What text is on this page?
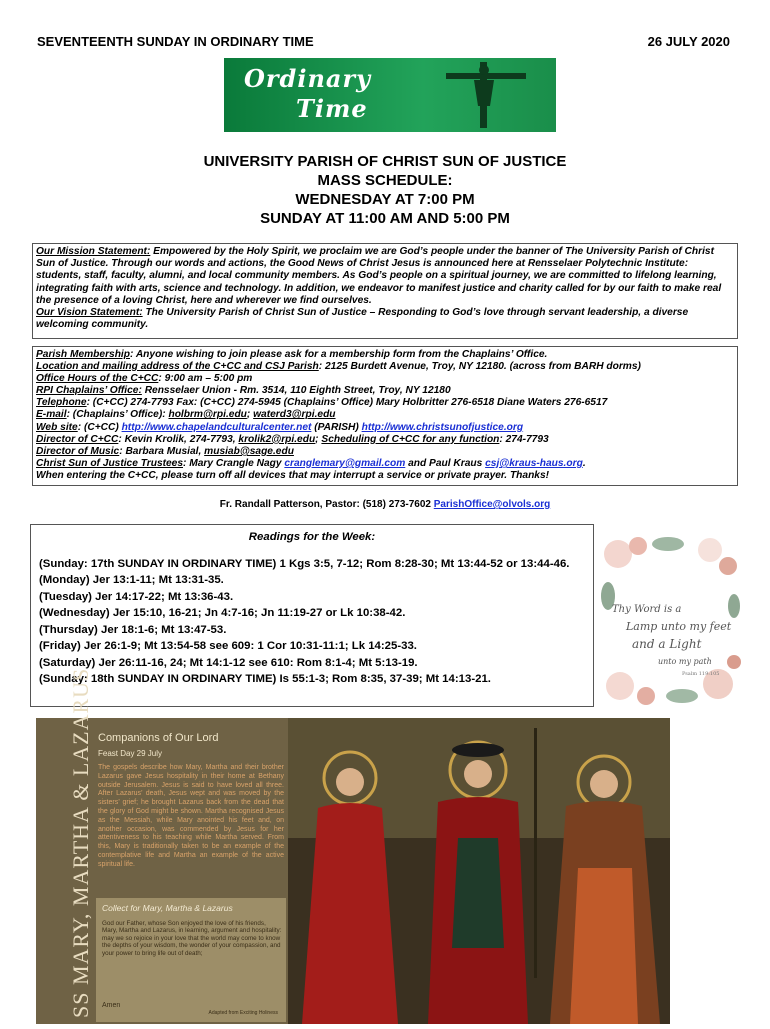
SEVENTEENTH SUNDAY IN ORDINARY TIME	26 JULY 2020
Ordinary
Time
UNIVERSITY PARISH OF CHRIST SUN OF JUSTICE
MASS SCHEDULE:
WEDNESDAY AT 7:00 PM
SUNDAY AT 11:00 AM AND 5:00 PM
Our Mission Statement: Empowered by the Holy Spirit, we proclaim we are God’s people under the banner of The University Parish of Christ Sun of Justice. Through our words and actions, the Good News of Christ Jesus is announced here at Rensselaer Polytechnic Institute: students, staff, faculty, alumni, and local community members. As God’s people on a spiritual journey, we are committed to lifelong learning, integrating faith with arts, science and technology. In addition, we endeavor to manifest justice and charity called for by our faith to make real the presence of a loving Christ, here and wherever we find ourselves.
Our Vision Statement: The University Parish of Christ Sun of Justice – Responding to God’s love through servant leadership, a diverse welcoming community.
Parish Membership: Anyone wishing to join please ask for a membership form from the Chaplains’ Office.
Location and mailing address of the C+CC and CSJ Parish: 2125 Burdett Avenue, Troy, NY 12180. (across from BARH dorms)
Office Hours of the C+CC: 9:00 am – 5:00 pm
RPI Chaplains’ Office: Rensselaer Union - Rm. 3514, 110 Eighth Street, Troy, NY 12180
Telephone: (C+CC) 274-7793 Fax: (C+CC) 274-5945 (Chaplains’ Office) Mary Holbritter 276-6518 Diane Waters 276-6517
E-mail: (Chaplains’ Office): holbrm@rpi.edu; waterd3@rpi.edu
Web site: (C+CC) http://www.chapelandculturalcenter.net (PARISH) http://www.christsunofjustice.org
Director of C+CC: Kevin Krolik, 274-7793, krolik2@rpi.edu; Scheduling of C+CC for any function: 274-7793
Director of Music: Barbara Musial, musiab@sage.edu
Christ Sun of Justice Trustees: Mary Crangle Nagy cranglemary@gmail.com and Paul Kraus csj@kraus-haus.org.
When entering the C+CC, please turn off all devices that may interrupt a service or private prayer. Thanks!
Fr. Randall Patterson, Pastor: (518) 273-7602 ParishOffice@olvols.org
Readings for the Week:
(Sunday: 17th SUNDAY IN ORDINARY TIME) 1 Kgs 3:5, 7-12; Rom 8:28-30; Mt 13:44-52 or 13:44-46.
(Monday) Jer 13:1-11; Mt 13:31-35.
(Tuesday) Jer 14:17-22; Mt 13:36-43.
(Wednesday) Jer 15:10, 16-21; Jn 4:7-16; Jn 11:19-27 or Lk 10:38-42.
(Thursday) Jer 18:1-6; Mt 13:47-53.
(Friday) Jer 26:1-9; Mt 13:54-58 see 609: 1 Cor 10:31-11:1; Lk 14:25-33.
(Saturday) Jer 26:11-16, 24; Mt 14:1-12 see 610: Rom 8:1-4; Mt 5:13-19.
(Sunday: 18th SUNDAY IN ORDINARY TIME) Is 55:1-3; Rom 8:35, 37-39; Mt 14:13-21.
Thy Word is a
Lamp unto my feet
and a Light
unto my path
Psalm 119:105
SS MARY, MARTHA & LAZARUS Companions of Our Lord
Feast Day 29 July
The gospels describe how Mary, Martha and their brother Lazarus gave Jesus hospitality in their home at Bethany outside Jerusalem. Jesus is said to have loved all three. After Lazarus’ death, Jesus wept and was moved by the sisters’ grief; he brought Lazarus back from the dead that the glory of God might be shown. Martha recognised Jesus as the Messiah, while Mary anointed his feet and, on another occasion, was commended by Jesus for her attentiveness to his teaching while Martha served. From this, Mary is traditionally taken to be an example of the contemplative life and Martha an example of the active spiritual life.
Collect for Mary, Martha & Lazarus
God our Father, whose Son enjoyed the love of his friends, Mary, Martha and Lazarus, in learning, argument and hospitality: may we so rejoice in your love that the world may come to know the depths of your wisdom, the wonder of your compassion, and your power to bring life out of death;
Amen
Adapted from Exciting Holiness
